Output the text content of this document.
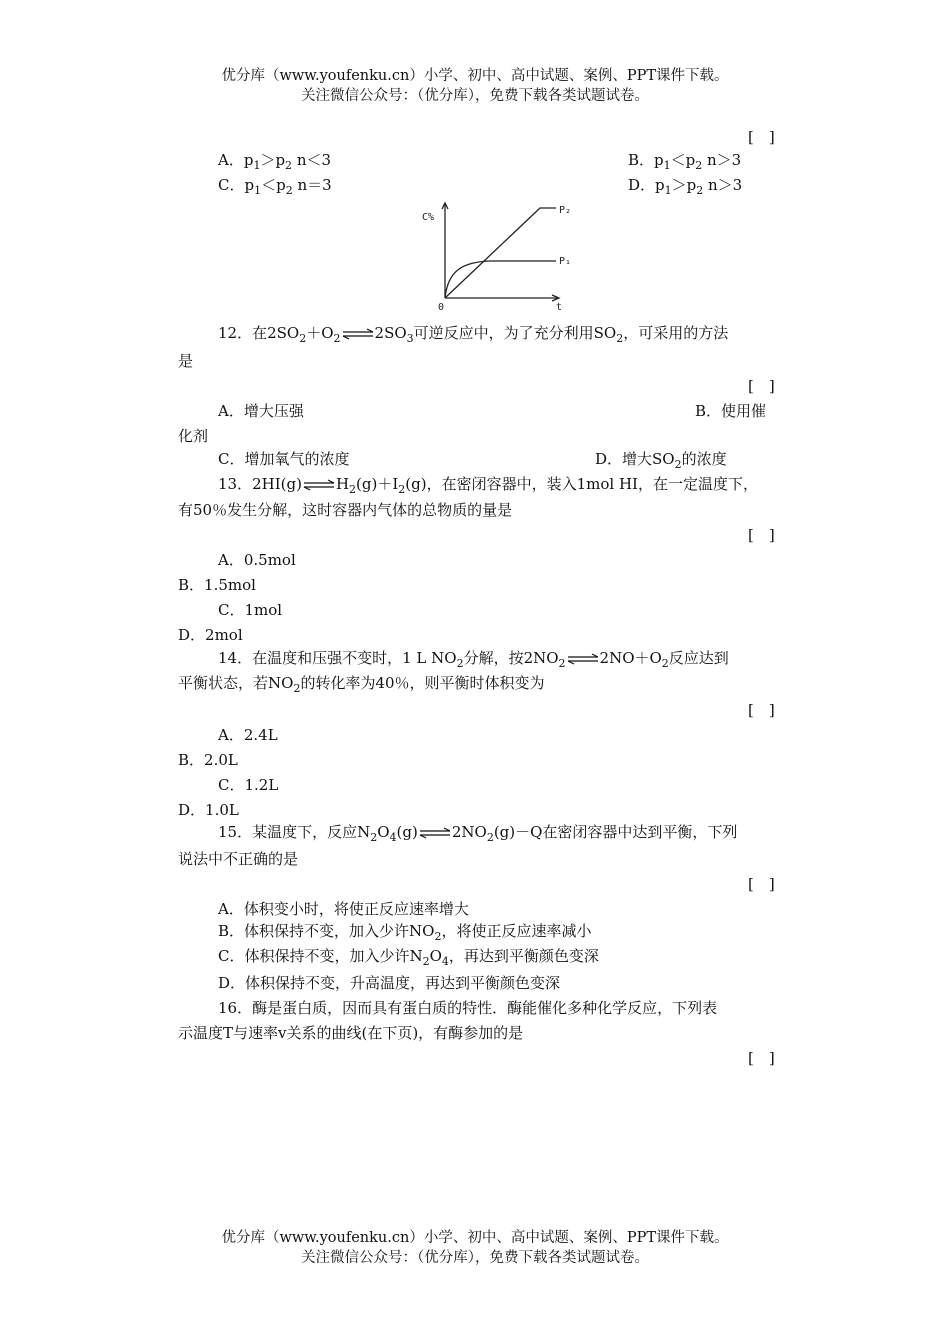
优分库（www.youfenku.cn）小学、初中、高中试题、案例、PPT课件下载。
关注微信公众号：（优分库），免费下载各类试题试卷。
[　]
A．$p_1>p_2$ n＜3	B．$p_1<p_2$ n＞3
C．$p_1<p_2$ n＝3	D．$p_1>p_2$ n＞3
C%
t
0
P₂
P₁
12．在$2SO_2+O_2\rightleftharpoons 2SO_3$可逆反应中，为了充分利用$SO_2$，可采用的方法
是
[　]
A．增大压强	B．使用催
化剂
C．增加氧气的浓度	D．增大$SO_2$的浓度
13．$2HI(g)\rightleftharpoons H_2(g)+I_2(g)$，在密闭容器中，装入1mol HI，在一定温度下，
有50％发生分解，这时容器内气体的总物质的量是
[　]
A．0.5mol
B．1.5mol
C．1mol
D．2mol
14．在温度和压强不变时，1 L $NO_2$分解，按$2NO_2\rightleftharpoons 2NO+O_2$反应达到
平衡状态，若$NO_2$的转化率为40％，则平衡时体积变为
[　]
A．2.4L
B．2.0L
C．1.2L
D．1.0L
15．某温度下，反应$N_2O_4(g)\rightleftharpoons 2NO_2(g)-Q$在密闭容器中达到平衡，下列
说法中不正确的是
[　]
A．体积变小时，将使正反应速率增大
B．体积保持不变，加入少许$NO_2$，将使正反应速率减小
C．体积保持不变，加入少许$N_2O_4$，再达到平衡颜色变深
D．体积保持不变，升高温度，再达到平衡颜色变深
16．酶是蛋白质，因而具有蛋白质的特性．酶能催化多种化学反应，下列表
示温度T与速率v关系的曲线(在下页)，有酶参加的是
[　]
优分库（www.youfenku.cn）小学、初中、高中试题、案例、PPT课件下载。
关注微信公众号：（优分库），免费下载各类试题试卷。
